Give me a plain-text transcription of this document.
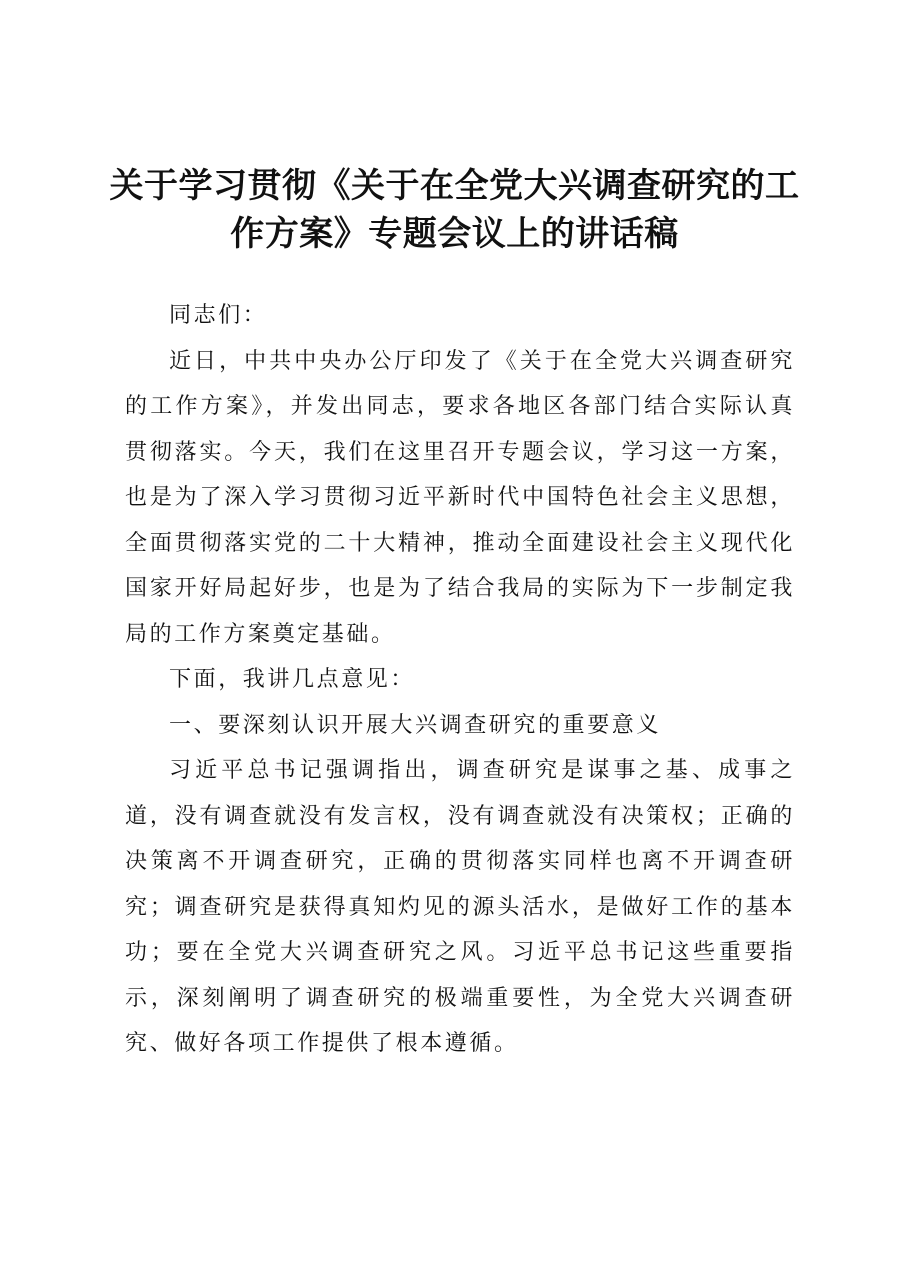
关于学习贯彻《关于在全党大兴调查研究的工
作方案》专题会议上的讲话稿

同志们：

近日，中共中央办公厅印发了《关于在全党大兴调查研究的工作方案》，并发出同志，要求各地区各部门结合实际认真贯彻落实。今天，我们在这里召开专题会议，学习这一方案，也是为了深入学习贯彻习近平新时代中国特色社会主义思想，全面贯彻落实党的二十大精神，推动全面建设社会主义现代化国家开好局起好步，也是为了结合我局的实际为下一步制定我局的工作方案奠定基础。

下面，我讲几点意见：

一、要深刻认识开展大兴调查研究的重要意义

习近平总书记强调指出，调查研究是谋事之基、成事之道，没有调查就没有发言权，没有调查就没有决策权；正确的决策离不开调查研究，正确的贯彻落实同样也离不开调查研究；调查研究是获得真知灼见的源头活水，是做好工作的基本功；要在全党大兴调查研究之风。习近平总书记这些重要指示，深刻阐明了调查研究的极端重要性，为全党大兴调查研究、做好各项工作提供了根本遵循。
